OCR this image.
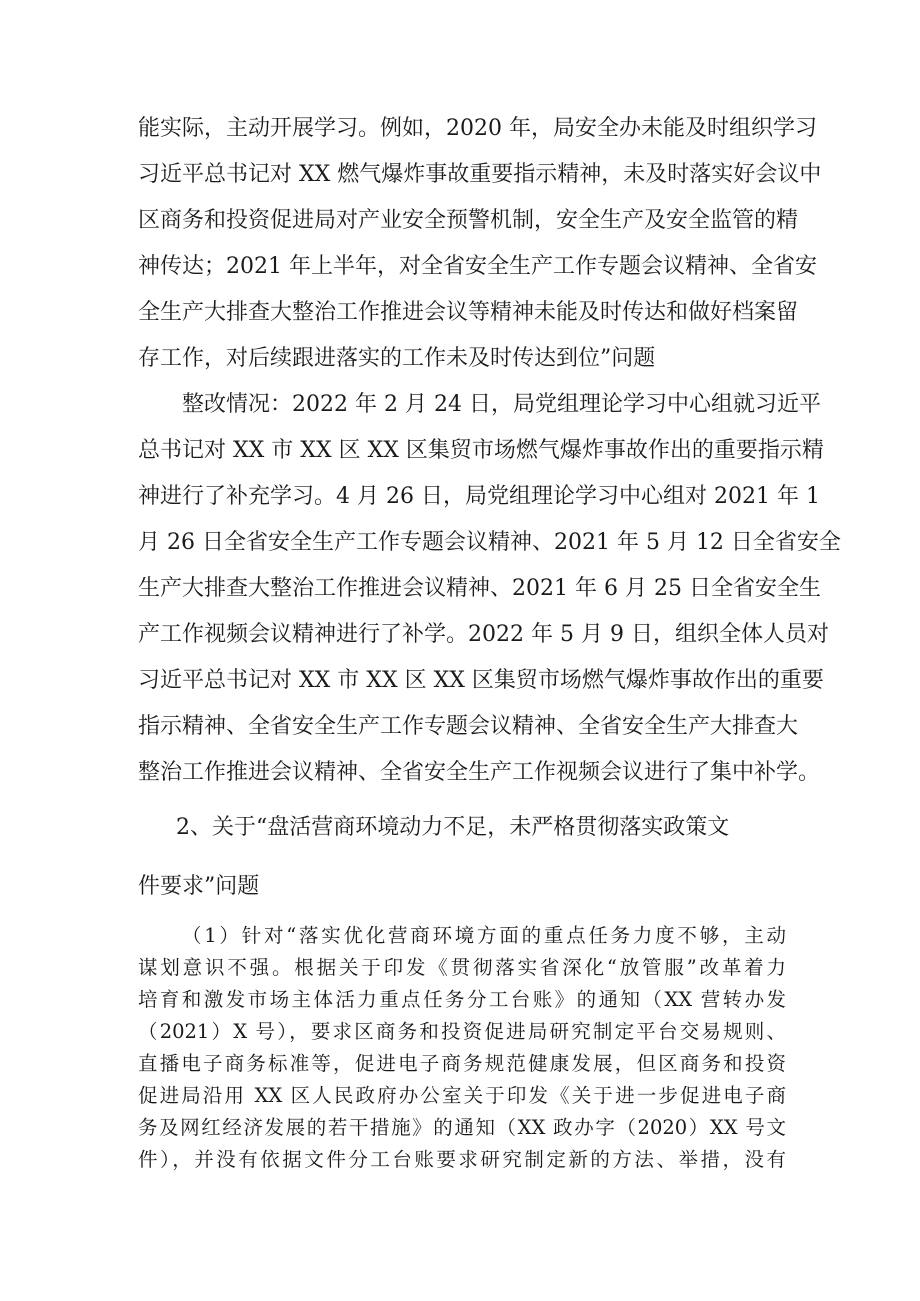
能实际，主动开展学习。例如，2020 年，局安全办未能及时组织学习
习近平总书记对 XX 燃气爆炸事故重要指示精神，未及时落实好会议中
区商务和投资促进局对产业安全预警机制，安全生产及安全监管的精
神传达；2021 年上半年，对全省安全生产工作专题会议精神、全省安
全生产大排查大整治工作推进会议等精神未能及时传达和做好档案留
存工作，对后续跟进落实的工作未及时传达到位”问题
整改情况：2022 年 2 月 24 日，局党组理论学习中心组就习近平
总书记对 XX 市 XX 区 XX 区集贸市场燃气爆炸事故作出的重要指示精
神进行了补充学习。4 月 26 日，局党组理论学习中心组对 2021 年 1
月 26 日全省安全生产工作专题会议精神、2021 年 5 月 12 日全省安全
生产大排查大整治工作推进会议精神、2021 年 6 月 25 日全省安全生
产工作视频会议精神进行了补学。2022 年 5 月 9 日，组织全体人员对
习近平总书记对 XX 市 XX 区 XX 区集贸市场燃气爆炸事故作出的重要
指示精神、全省安全生产工作专题会议精神、全省安全生产大排查大
整治工作推进会议精神、全省安全生产工作视频会议进行了集中补学。
2、关于“盘活营商环境动力不足，未严格贯彻落实政策文
件要求”问题
（1）针对“落实优化营商环境方面的重点任务力度不够，主动
谋划意识不强。根据关于印发《贯彻落实省深化“放管服”改革着力
培育和激发市场主体活力重点任务分工台账》的通知（XX 营转办发
（2021）X 号），要求区商务和投资促进局研究制定平台交易规则、
直播电子商务标准等，促进电子商务规范健康发展，但区商务和投资
促进局沿用 XX 区人民政府办公室关于印发《关于进一步促进电子商
务及网红经济发展的若干措施》的通知（XX 政办字（2020）XX 号文
件），并没有依据文件分工台账要求研究制定新的方法、举措，没有
